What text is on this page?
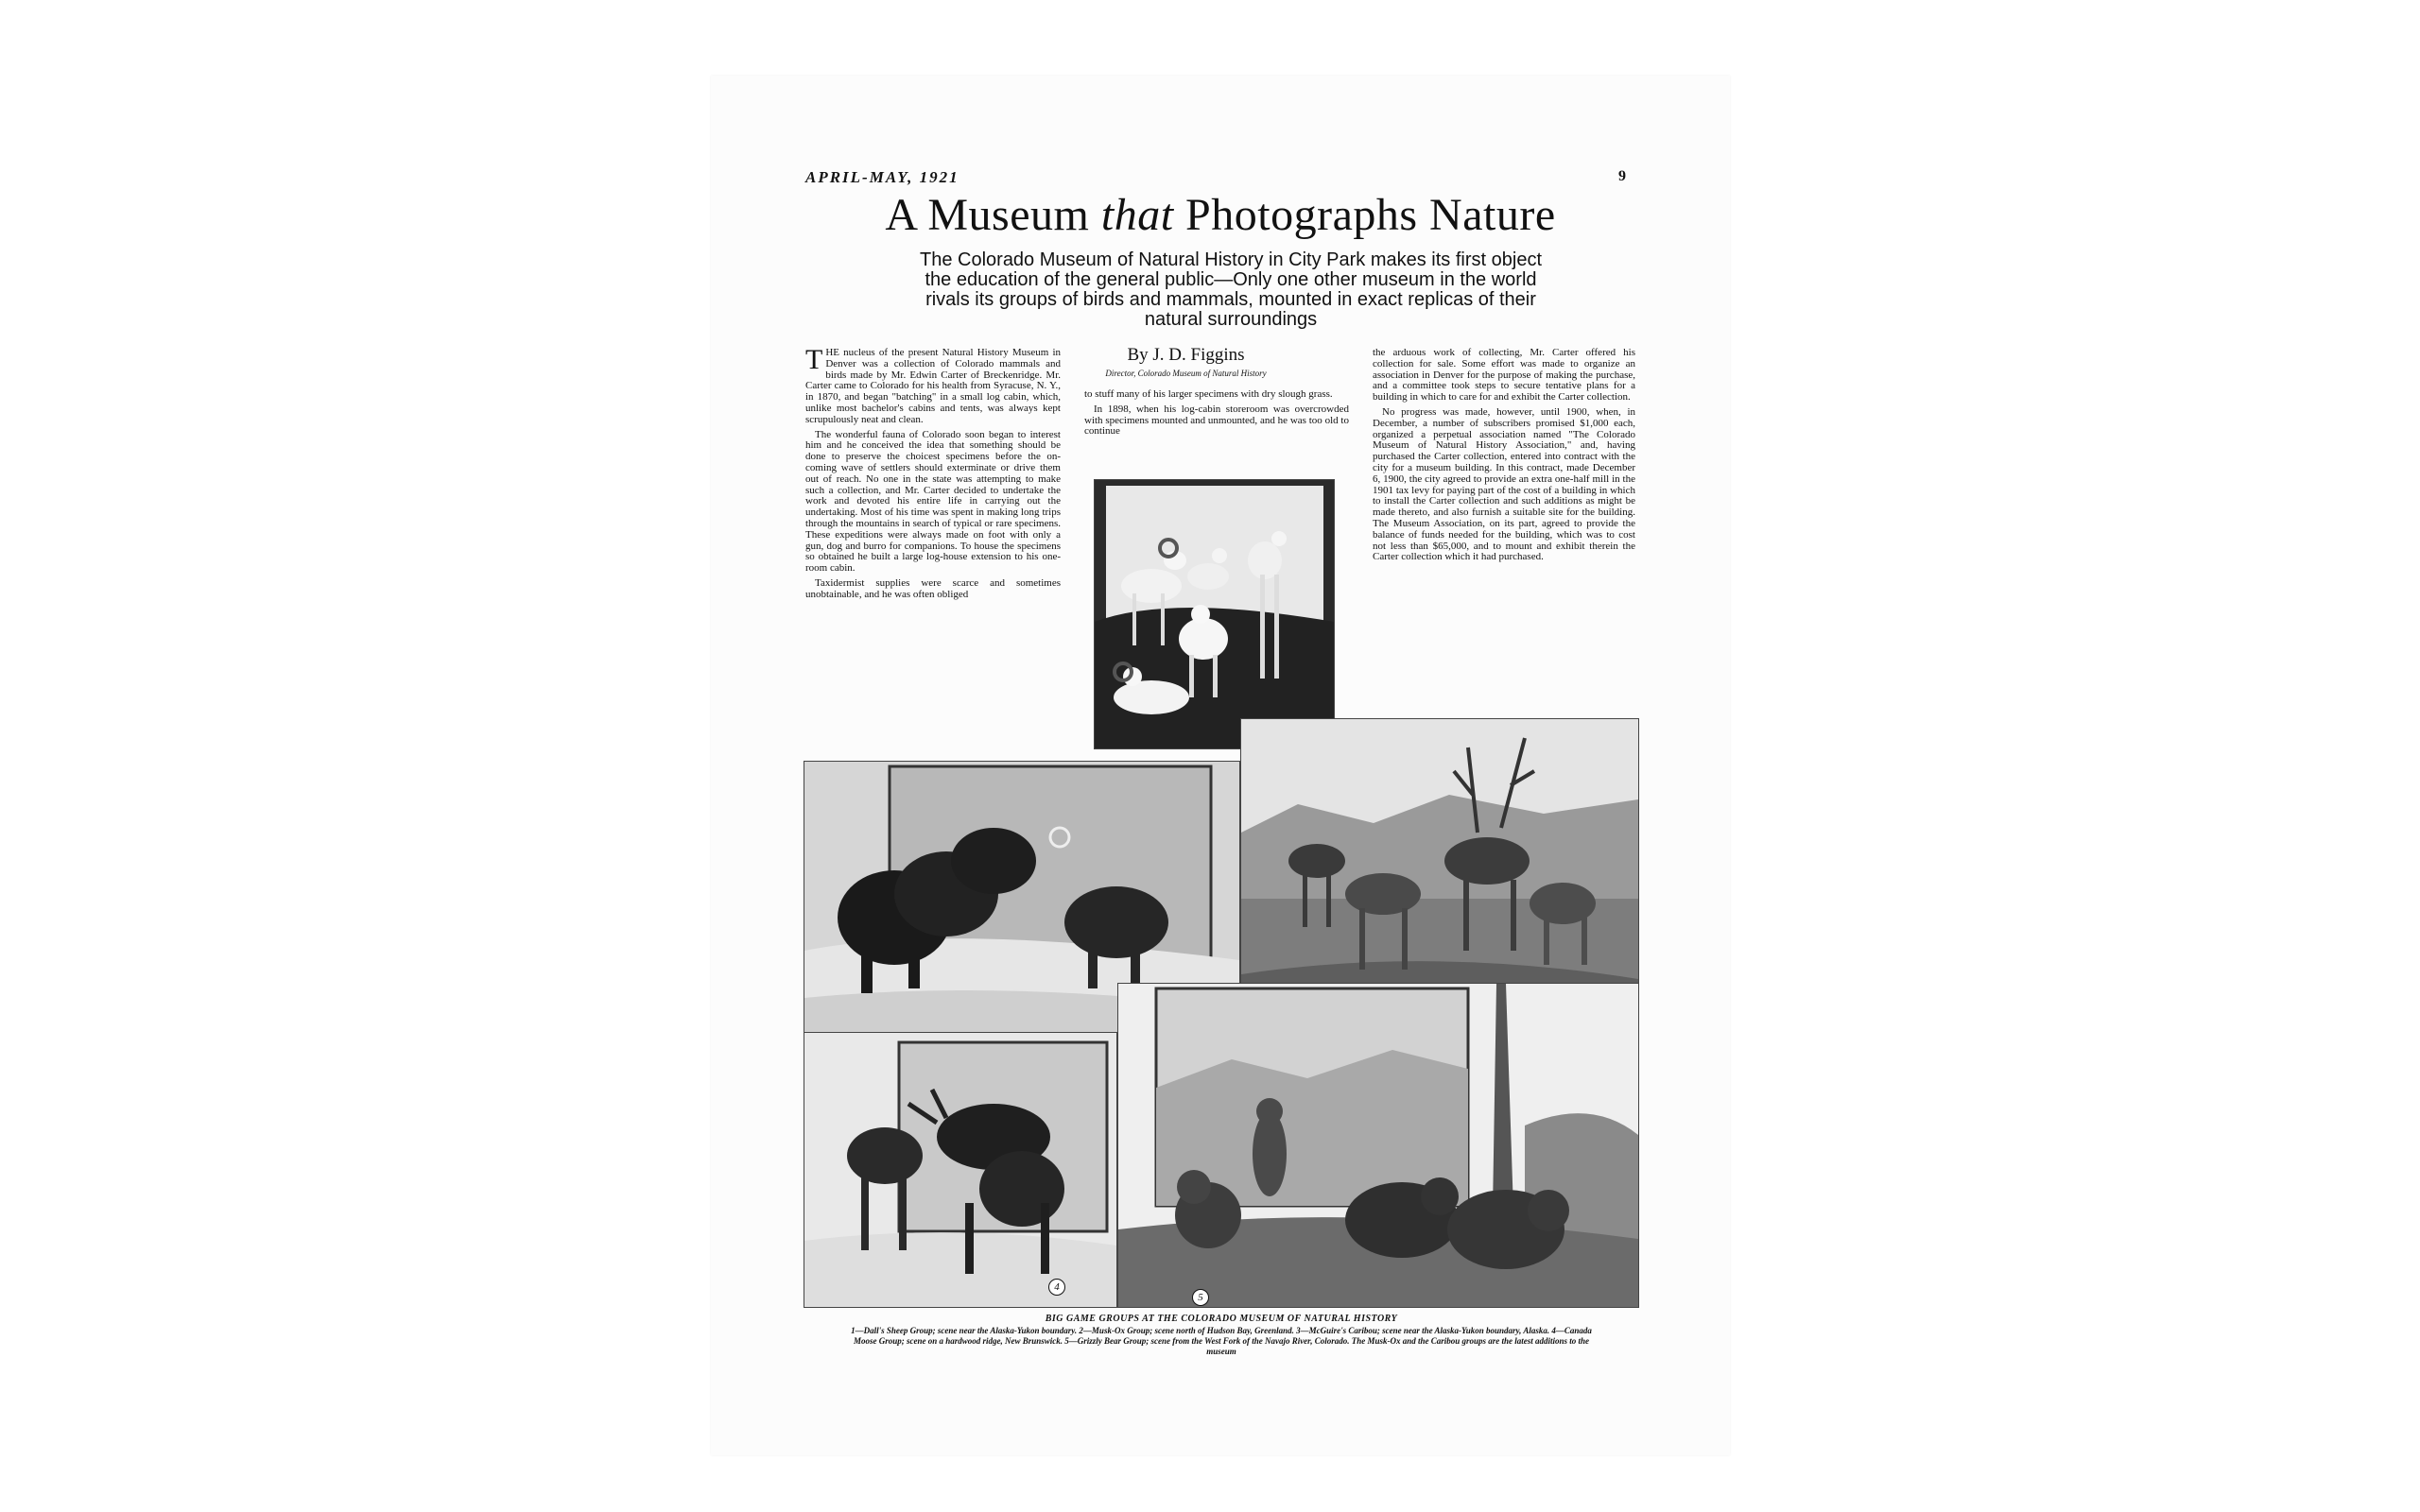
APRIL-MAY, 1921	9
A Museum that Photographs Nature
The Colorado Museum of Natural History in City Park makes its first object the education of the general public—Only one other museum in the world rivals its groups of birds and mammals, mounted in exact replicas of their natural surroundings

THE nucleus of the present Natural History Museum in Denver was a collection of Colorado mammals and birds made by Mr. Edwin Carter of Breckenridge. Mr. Carter came to Colorado for his health from Syracuse, N. Y., in 1870, and began "batching" in a small log cabin, which, unlike most bachelor's cabins and tents, was always kept scrupulously neat and clean.

The wonderful fauna of Colorado soon began to interest him and he conceived the idea that something should be done to preserve the choicest specimens before the on-coming wave of settlers should exterminate or drive them out of reach. No one in the state was attempting to make such a collection, and Mr. Carter decided to undertake the work and devoted his entire life in carrying out the undertaking. Most of his time was spent in making long trips through the mountains in search of typical or rare specimens. These expeditions were always made on foot with only a gun, dog and burro for companions. To house the specimens so obtained he built a large log-house extension to his one-room cabin.

Taxidermist supplies were scarce and sometimes unobtainable, and he was often obliged

By J. D. Figgins
Director, Colorado Museum of Natural History

to stuff many of his larger specimens with dry slough grass.

In 1898, when his log-cabin storeroom was overcrowded with specimens mounted and unmounted, and he was too old to continue

the arduous work of collecting, Mr. Carter offered his collection for sale. Some effort was made to organize an association in Denver for the purpose of making the purchase, and a committee took steps to secure tentative plans for a building in which to care for and exhibit the Carter collection.

No progress was made, however, until 1900, when, in December, a number of subscribers promised $1,000 each, organized a perpetual association named "The Colorado Museum of Natural History Association," and, having purchased the Carter collection, entered into contract with the city for a museum building. In this contract, made December 6, 1900, the city agreed to provide an extra one-half mill in the 1901 tax levy for paying part of the cost of a building in which to install the Carter collection and such additions as might be made thereto, and also furnish a suitable site for the building. The Museum Association, on its part, agreed to provide the balance of funds needed for the building, which was to cost not less than $65,000, and to mount and exhibit therein the Carter collection which it had purchased.

4
5
BIG GAME GROUPS AT THE COLORADO MUSEUM OF NATURAL HISTORY
1—Dall's Sheep Group; scene near the Alaska-Yukon boundary. 2—Musk-Ox Group; scene north of Hudson Bay, Greenland. 3—McGuire's Caribou; scene near the Alaska-Yukon boundary, Alaska. 4—Canada Moose Group; scene on a hardwood ridge, New Brunswick. 5—Grizzly Bear Group; scene from the West Fork of the Navajo River, Colorado. The Musk-Ox and the Caribou groups are the latest additions to the museum
